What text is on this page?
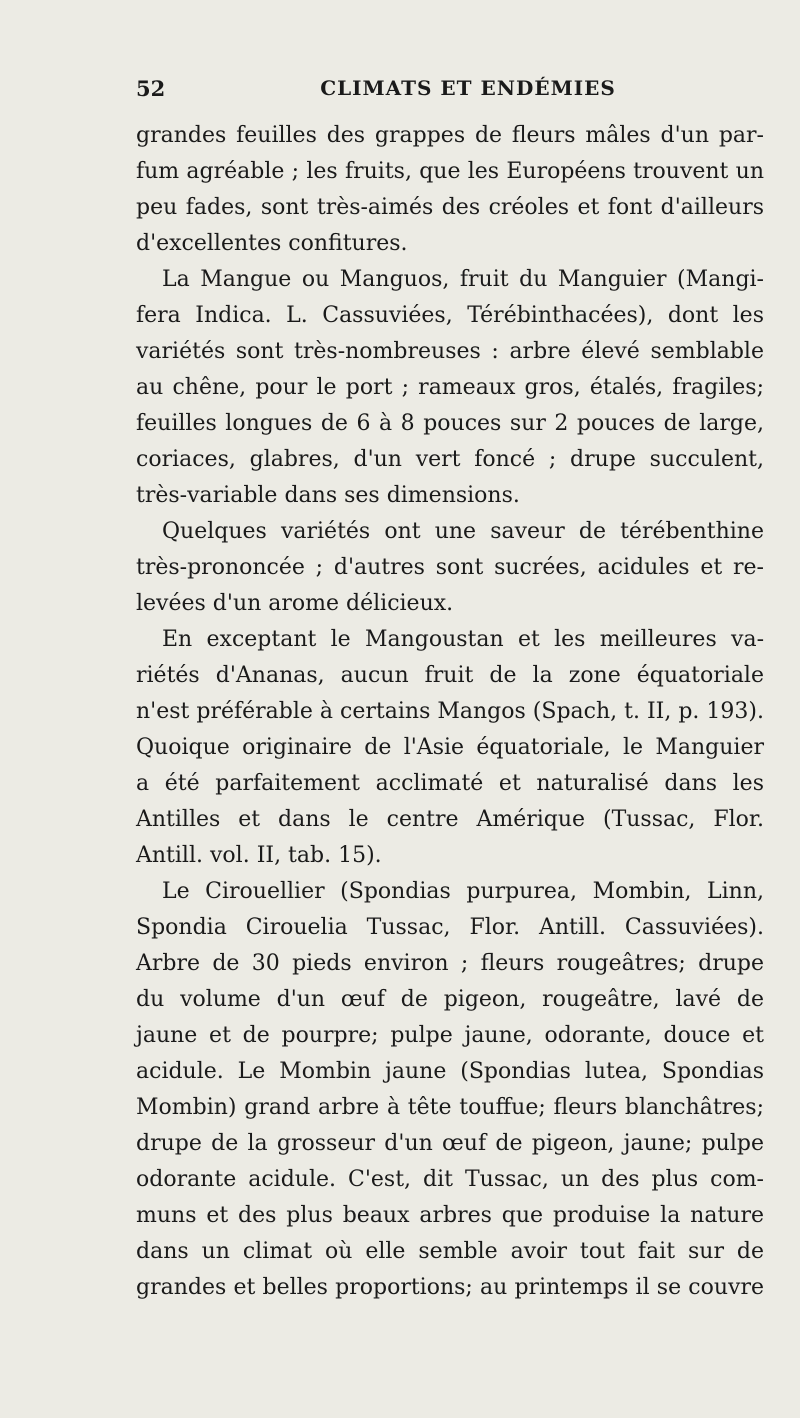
52	CLIMATS ET ENDÉMIES
grandes feuilles des grappes de fleurs mâles d'un par-
fum agréable ; les fruits, que les Européens trouvent un
peu fades, sont très-aimés des créoles et font d'ailleurs
d'excellentes confitures.
La Mangue ou Manguos, fruit du Manguier (Mangi-
fera Indica. L. Cassuviées, Térébinthacées), dont les
variétés sont très-nombreuses : arbre élevé semblable
au chêne, pour le port ; rameaux gros, étalés, fragiles;
feuilles longues de 6 à 8 pouces sur 2 pouces de large,
coriaces, glabres, d'un vert foncé ; drupe succulent,
très-variable dans ses dimensions.
Quelques variétés ont une saveur de térébenthine
très-prononcée ; d'autres sont sucrées, acidules et re-
levées d'un arome délicieux.
En exceptant le Mangoustan et les meilleures va-
riétés d'Ananas, aucun fruit de la zone équatoriale
n'est préférable à certains Mangos (Spach, t. II, p. 193).
Quoique originaire de l'Asie équatoriale, le Manguier
a été parfaitement acclimaté et naturalisé dans les
Antilles et dans le centre Amérique (Tussac, Flor.
Antill. vol. II, tab. 15).
Le Cirouellier (Spondias purpurea, Mombin, Linn,
Spondia Cirouelia Tussac, Flor. Antill. Cassuviées).
Arbre de 30 pieds environ ; fleurs rougeâtres; drupe
du volume d'un œuf de pigeon, rougeâtre, lavé de
jaune et de pourpre; pulpe jaune, odorante, douce et
acidule. Le Mombin jaune (Spondias lutea, Spondias
Mombin) grand arbre à tête touffue; fleurs blanchâtres;
drupe de la grosseur d'un œuf de pigeon, jaune; pulpe
odorante acidule. C'est, dit Tussac, un des plus com-
muns et des plus beaux arbres que produise la nature
dans un climat où elle semble avoir tout fait sur de
grandes et belles proportions; au printemps il se couvre
